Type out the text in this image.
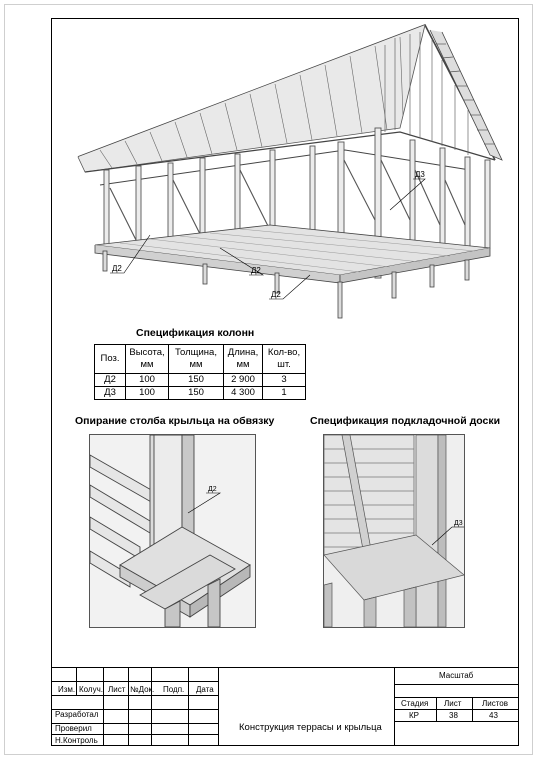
Д3
Д2	Д2
Д2
Спецификация колонн
Поз.	Высота, мм	Толщина, мм	Длина, мм	Кол-во, шт.
Д2	100	150	2 900	3
Д3	100	150	4 300	1
Опирание столба крыльца на обвязку	Спецификация подкладочной доски
Д2
Д3
Изм. Колуч. Лист №Док. Подп. Дата
Разработал
Проверил
Н.Контроль
Конструкция террасы и крыльца
Масштаб
Стадия Лист	Листов
КР	38	43
